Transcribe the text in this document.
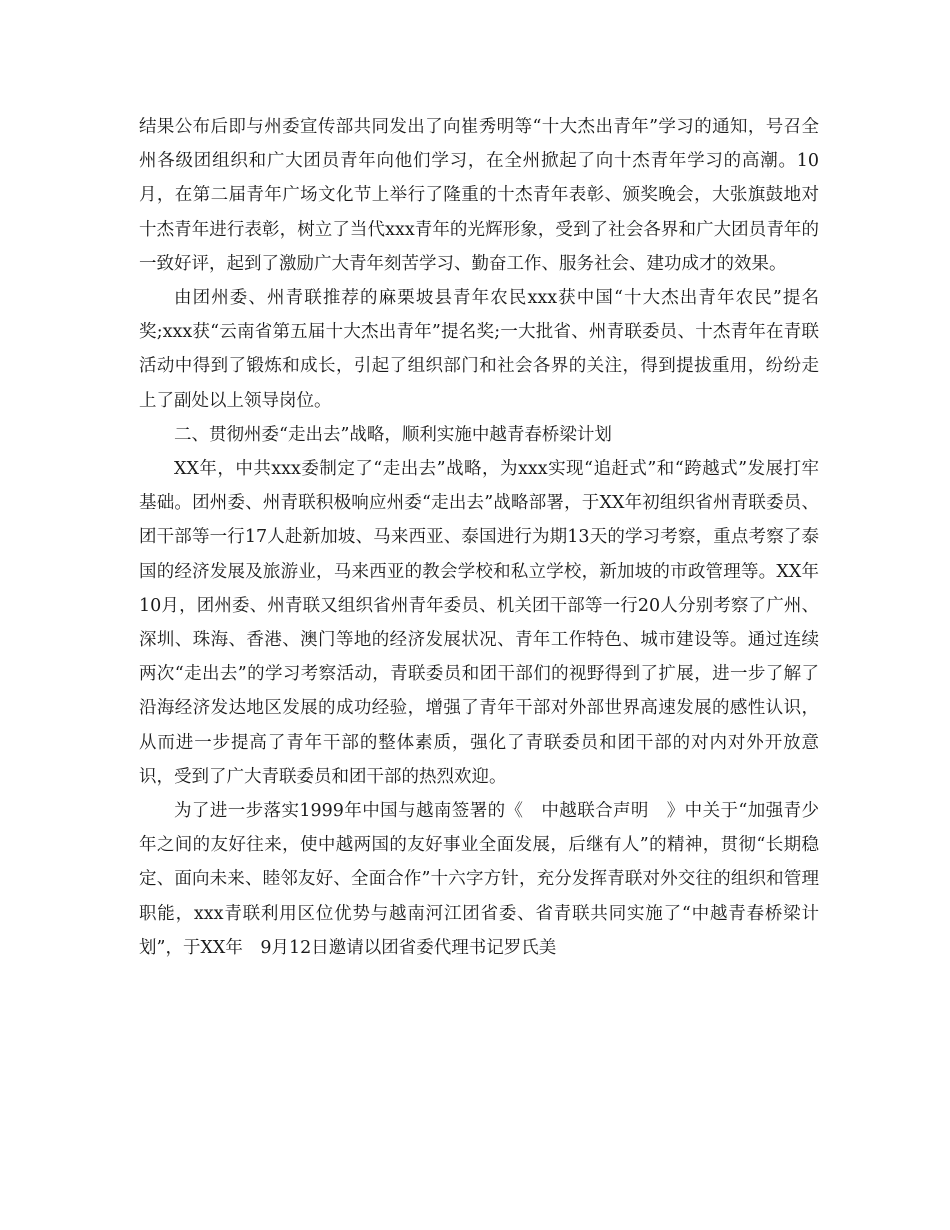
结果公布后即与州委宣传部共同发出了向崔秀明等“十大杰出青年”学习的通知，号召全州各级团组织和广大团员青年向他们学习，在全州掀起了向十杰青年学习的高潮。10月，在第二届青年广场文化节上举行了隆重的十杰青年表彰、颁奖晚会，大张旗鼓地对十杰青年进行表彰，树立了当代xxx青年的光辉形象，受到了社会各界和广大团员青年的一致好评，起到了激励广大青年刻苦学习、勤奋工作、服务社会、建功成才的效果。

由团州委、州青联推荐的麻栗坡县青年农民xxx获中国“十大杰出青年农民”提名奖;xxx获“云南省第五届十大杰出青年”提名奖;一大批省、州青联委员、十杰青年在青联活动中得到了锻炼和成长，引起了组织部门和社会各界的关注，得到提拔重用，纷纷走上了副处以上领导岗位。

二、贯彻州委“走出去”战略，顺利实施中越青春桥梁计划

XX年，中共xxx委制定了“走出去”战略，为xxx实现“追赶式”和“跨越式”发展打牢基础。团州委、州青联积极响应州委“走出去”战略部署，于XX年初组织省州青联委员、团干部等一行17人赴新加坡、马来西亚、泰国进行为期13天的学习考察，重点考察了泰国的经济发展及旅游业，马来西亚的教会学校和私立学校，新加坡的市政管理等。XX年10月，团州委、州青联又组织省州青年委员、机关团干部等一行20人分别考察了广州、深圳、珠海、香港、澳门等地的经济发展状况、青年工作特色、城市建设等。通过连续两次“走出去”的学习考察活动，青联委员和团干部们的视野得到了扩展，进一步了解了沿海经济发达地区发展的成功经验，增强了青年干部对外部世界高速发展的感性认识，从而进一步提高了青年干部的整体素质，强化了青联委员和团干部的对内对外开放意识，受到了广大青联委员和团干部的热烈欢迎。

为了进一步落实1999年中国与越南签署的《　中越联合声明　》中关于“加强青少年之间的友好往来，使中越两国的友好事业全面发展，后继有人”的精神，贯彻“长期稳定、面向未来、睦邻友好、全面合作”十六字方针，充分发挥青联对外交往的组织和管理职能，xxx青联利用区位优势与越南河江团省委、省青联共同实施了“中越青春桥梁计划”，于XX年　9月12日邀请以团省委代理书记罗氏美
